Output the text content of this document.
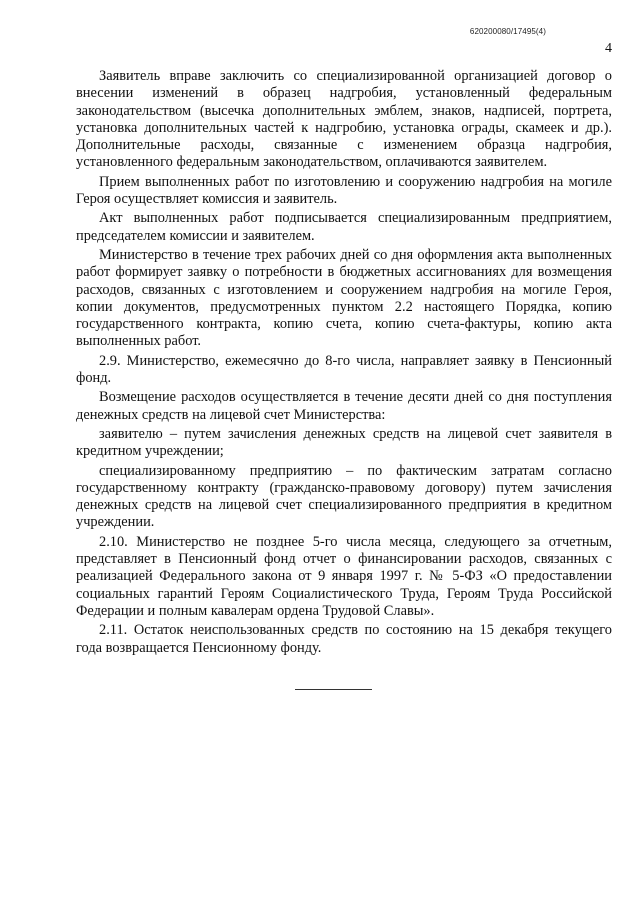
620200080/17495(4)
4

Заявитель вправе заключить со специализированной организацией договор о внесении изменений в образец надгробия, установленный федеральным законодательством (высечка дополнительных эмблем, знаков, надписей, портрета, установка дополнительных частей к надгробию, установка ограды, скамеек и др.). Дополнительные расходы, связанные с изменением образца надгробия, установленного федеральным законодательством, оплачиваются заявителем.

Прием выполненных работ по изготовлению и сооружению надгробия на могиле Героя осуществляет комиссия и заявитель.

Акт выполненных работ подписывается специализированным предприятием, председателем комиссии и заявителем.

Министерство в течение трех рабочих дней со дня оформления акта выполненных работ формирует заявку о потребности в бюджетных ассигнованиях для возмещения расходов, связанных с изготовлением и сооружением надгробия на могиле Героя, копии документов, предусмотренных пунктом 2.2 настоящего Порядка, копию государственного контракта, копию счета, копию счета-фактуры, копию акта выполненных работ.

2.9. Министерство, ежемесячно до 8-го числа, направляет заявку в Пенсионный фонд.

Возмещение расходов осуществляется в течение десяти дней со дня поступления денежных средств на лицевой счет Министерства:

заявителю – путем зачисления денежных средств на лицевой счет заявителя в кредитном учреждении;

специализированному предприятию – по фактическим затратам согласно государственному контракту (гражданско-правовому договору) путем зачисления денежных средств на лицевой счет специализированного предприятия в кредитном учреждении.

2.10. Министерство не позднее 5-го числа месяца, следующего за отчетным, представляет в Пенсионный фонд отчет о финансировании расходов, связанных с реализацией Федерального закона от 9 января 1997 г. № 5-ФЗ «О предоставлении социальных гарантий Героям Социалистического Труда, Героям Труда Российской Федерации и полным кавалерам ордена Трудовой Славы».

2.11. Остаток неиспользованных средств по состоянию на 15 декабря текущего года возвращается Пенсионному фонду.
